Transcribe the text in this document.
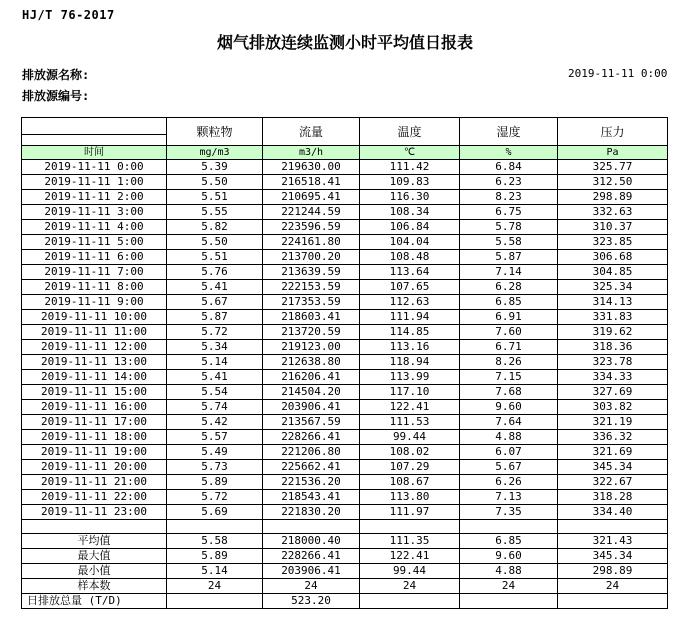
HJ/T 76-2017
烟气排放连续监测小时平均值日报表
排放源名称:	2019-11-11 0:00
排放源编号:
	颗粒物	流量	温度	湿度	压力

时间	mg/m3	m3/h	℃	%	Pa
2019-11-11 0:00	5.39	219630.00	111.42	6.84	325.77
2019-11-11 1:00	5.50	216518.41	109.83	6.23	312.50
2019-11-11 2:00	5.51	210695.41	116.30	8.23	298.89
2019-11-11 3:00	5.55	221244.59	108.34	6.75	332.63
2019-11-11 4:00	5.82	223596.59	106.84	5.78	310.37
2019-11-11 5:00	5.50	224161.80	104.04	5.58	323.85
2019-11-11 6:00	5.51	213700.20	108.48	5.87	306.68
2019-11-11 7:00	5.76	213639.59	113.64	7.14	304.85
2019-11-11 8:00	5.41	222153.59	107.65	6.28	325.34
2019-11-11 9:00	5.67	217353.59	112.63	6.85	314.13
2019-11-11 10:00	5.87	218603.41	111.94	6.91	331.83
2019-11-11 11:00	5.72	213720.59	114.85	7.60	319.62
2019-11-11 12:00	5.34	219123.00	113.16	6.71	318.36
2019-11-11 13:00	5.14	212638.80	118.94	8.26	323.78
2019-11-11 14:00	5.41	216206.41	113.99	7.15	334.33
2019-11-11 15:00	5.54	214504.20	117.10	7.68	327.69
2019-11-11 16:00	5.74	203906.41	122.41	9.60	303.82
2019-11-11 17:00	5.42	213567.59	111.53	7.64	321.19
2019-11-11 18:00	5.57	228266.41	99.44	4.88	336.32
2019-11-11 19:00	5.49	221206.80	108.02	6.07	321.69
2019-11-11 20:00	5.73	225662.41	107.29	5.67	345.34
2019-11-11 21:00	5.89	221536.20	108.67	6.26	322.67
2019-11-11 22:00	5.72	218543.41	113.80	7.13	318.28
2019-11-11 23:00	5.69	221830.20	111.97	7.35	334.40

平均值	5.58	218000.40	111.35	6.85	321.43
最大值	5.89	228266.41	122.41	9.60	345.34
最小值	5.14	203906.41	99.44	4.88	298.89
样本数	24	24	24	24	24
日排放总量 (T/D)		523.20			
